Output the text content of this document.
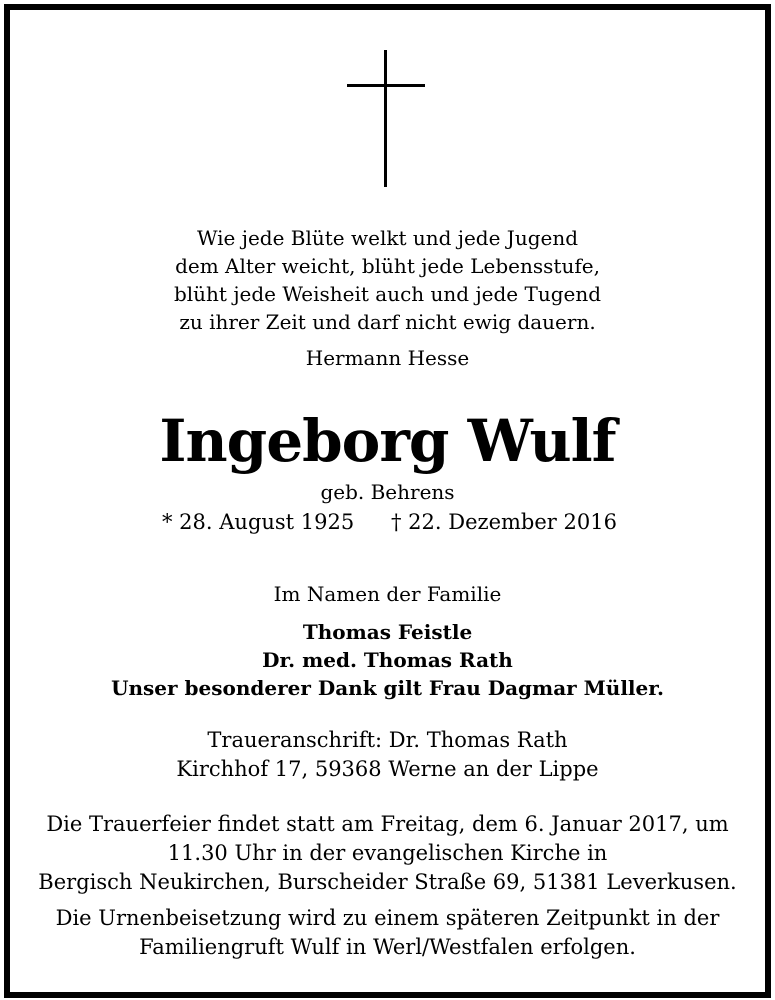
Wie jede Blüte welkt und jede Jugend
dem Alter weicht, blüht jede Lebensstufe,
blüht jede Weisheit auch und jede Tugend
zu ihrer Zeit und darf nicht ewig dauern.
Hermann Hesse
Ingeborg Wulf
geb. Behrens
* 28. August 1925 † 22. Dezember 2016
Im Namen der Familie
Thomas Feistle
Dr. med. Thomas Rath
Unser besonderer Dank gilt Frau Dagmar Müller.
Traueranschrift: Dr. Thomas Rath
Kirchhof 17, 59368 Werne an der Lippe
Die Trauerfeier findet statt am Freitag, dem 6. Januar 2017, um
11.30 Uhr in der evangelischen Kirche in
Bergisch Neukirchen, Burscheider Straße 69, 51381 Leverkusen.
Die Urnenbeisetzung wird zu einem späteren Zeitpunkt in der
Familiengruft Wulf in Werl/Westfalen erfolgen.
